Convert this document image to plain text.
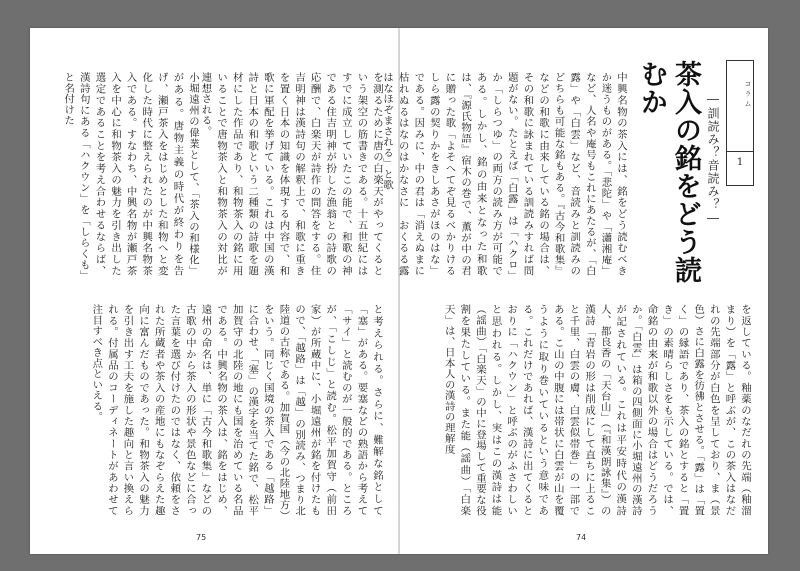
を測るために唐の白楽天がやってくるという架空の筋書きである。十五世紀にはすでに成立していたこの能で、和歌の神である住吉明神が扮した漁翁との詩歌の応酬で、白楽天が詩作の問答をする。住吉明神は漢詩句の解釈上で、和歌に重きを置く日本の知識を体現する内容で、和歌に軍配を挙げている。これは中国の漢詩と日本の和歌という二種類の詩歌を題材にした作品であり、和物茶入の銘に用いることで唐物茶入と和物茶入の対比が連想される。
小堀遠州の偉業として、「茶入の和様化」がある。唐物主義の時代が終わりを告げ、瀬戸茶入をはじめとした和物へと変化した時代に整えられたのが中興名物茶入である。すなわち、中興名物が瀬戸茶入を中心に和物茶入の魅力を引き出した選定であることを考え合わせるならば、漢詩句にある「ハクウン」を「しらくも」と名付けた
と考えられる。さらに、難解な銘として「塞」がある。要塞などの熟語から考えて「サイ」と読むのが一般的である。ところが、「こしじ」と読む。松平加賀守（前田家）が所蔵中に、小堀遠州が銘を付けたもので、「越路」は「越」の別読み、つまり北陸道の古称である。加賀国（今の北陸地方）をいう。同じく国境の茶入である「越路」に合わせ、「塞」の漢字を当てた銘で、松平加賀守の北陸の地にも国を治めている名品である。中興名物の茶入は、銘をはじめ、遠州の命名は、単に「古今和歌集」などの古歌の中から茶入の形状や景色などに合った言葉を選び付けたのではなく、依頼をされた所蔵者や茶入の産地にもなぞらえた趣向に富んだものであった。和物茶入の魅力を引き出す工夫を施した趣向と言い換えられる。付属品のコーディネートがあわせて注目すべき点といえる。
75
コラム
1
茶入の銘をどう読むか
―訓読み？音読み？―
中興名物の茶入には、銘をどう読むべきか迷うものがある。「悲陀」や「瀟湘庵」など、人名や庵号もこれにあたるが、「白露」や「白雲」など、音読みと訓読みのどちらも可能な銘もある。『古今和歌集』などの和歌に由来している銘の場合は、その和歌に詠まれている訓読みすれば問題がない。たとえば「白露」は「ハクロ」か「しらつゆ」の両方の読み方が可能である。しかし、銘の由来となった和歌は、『源氏物語』宿木の巻で、薫が中の君に贈った歌「よそへてぞ見るべかりけるしら露の契りかをきしあさがほのはな」である。因みに、中の君は「消えぬまに枯れぬるはなのはかなさに　おくるる露はなほぞまされる」と歌
を返している。釉薬のなだれの先端（釉溜まり）を「露」と呼ぶが、この茶入はなだれの先端部分が白色を呈しており、ま（景色）さに白露を彷彿とさせる。「露」は「置く」の縁語であり、茶入の銘とすると「置き」の素晴らしさをも示している。では、命銘の由来が和歌以外の場合はどうだろうか。「白雲」は箱の四側面に小堀遠州の漢詩が記されている。これは平安時代の漢詩人、都良香の「天台山」（『和漢朗詠集』）の漢詩「青岩の形は削成にして直ちに上ること千里、白雲の膚、白雲似帯巻」の一部である。こ山の中腹には帯状に白雲が山を覆うように取り巻いているという意味である。これだけであれば、漢詩に出てくるとおりに「ハクウン」と呼ぶのがふさわしいと思われる。しかし、実はこの漢詩は能（謡曲）「白楽天」の中に登場して重要な役割を果たしている。また能（謡曲）「白楽天」は、日本人の漢詩の理解度
74
